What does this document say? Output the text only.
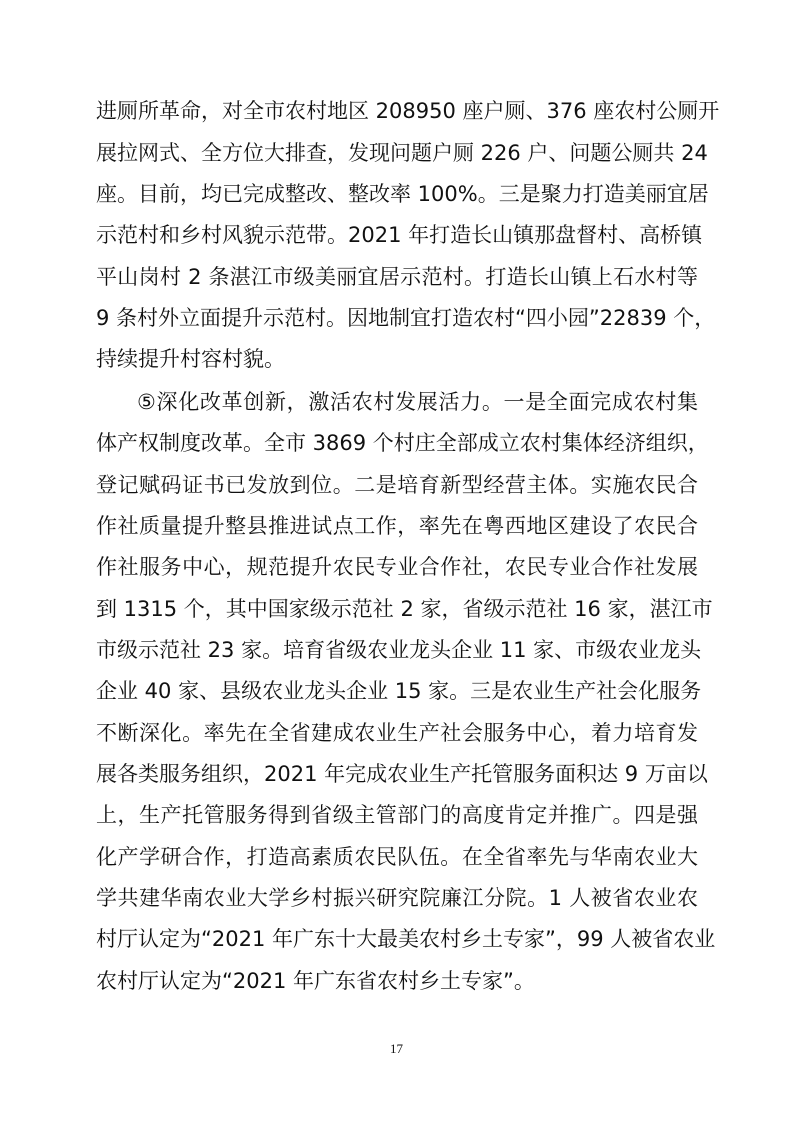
进厕所革命，对全市农村地区 208950 座户厕、376 座农村公厕开
展拉网式、全方位大排查，发现问题户厕 226 户、问题公厕共 24
座。目前，均已完成整改、整改率 100%。三是聚力打造美丽宜居
示范村和乡村风貌示范带。2021 年打造长山镇那盘督村、高桥镇
平山岗村 2 条湛江市级美丽宜居示范村。打造长山镇上石水村等
9 条村外立面提升示范村。因地制宜打造农村“四小园”22839 个，
持续提升村容村貌。
⑤深化改革创新，激活农村发展活力。一是全面完成农村集
体产权制度改革。全市 3869 个村庄全部成立农村集体经济组织，
登记赋码证书已发放到位。二是培育新型经营主体。实施农民合
作社质量提升整县推进试点工作，率先在粤西地区建设了农民合
作社服务中心，规范提升农民专业合作社，农民专业合作社发展
到 1315 个，其中国家级示范社 2 家，省级示范社 16 家，湛江市
市级示范社 23 家。培育省级农业龙头企业 11 家、市级农业龙头
企业 40 家、县级农业龙头企业 15 家。三是农业生产社会化服务
不断深化。率先在全省建成农业生产社会服务中心，着力培育发
展各类服务组织，2021 年完成农业生产托管服务面积达 9 万亩以
上，生产托管服务得到省级主管部门的高度肯定并推广。四是强
化产学研合作，打造高素质农民队伍。在全省率先与华南农业大
学共建华南农业大学乡村振兴研究院廉江分院。1 人被省农业农
村厅认定为“2021 年广东十大最美农村乡土专家”，99 人被省农业
农村厅认定为“2021 年广东省农村乡土专家”。
17
